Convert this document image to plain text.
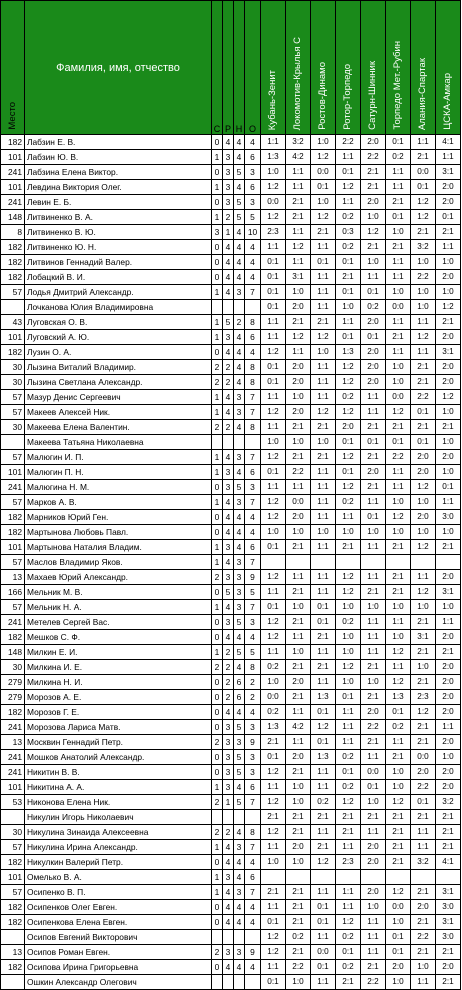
Место	Фамилия, имя, отчество	С	Р	Н	О	Кубань-Зенит	Локомотив-Крылья С	Ростов-Динамо	Ротор-Торпедо	Сатурн-Шинник	Торпедо Мет.-Рубин	Алания-Спартак	ЦСКА-Амкар
182	Лабзин Е. В.	0	4	4	4	1:1	3:2	1:0	2:2	2:0	0:1	1:1	4:1
101	Лабзин Ю. В.	1	3	4	6	1:3	4:2	1:2	1:1	2:2	0:2	2:1	1:1
241	Лабзина Елена Виктор.	0	3	5	3	1:0	1:1	0:0	0:1	2:1	1:1	0:0	3:1
101	Левдина Виктория Олег.	1	3	4	6	1:2	1:1	0:1	1:2	2:1	1:1	0:1	2:0
241	Левин Е. Б.	0	3	5	3	0:0	2:1	1:0	1:1	2:0	2:1	1:2	2:0
148	Литвиненко В. А.	1	2	5	5	1:2	2:1	1:2	0:2	1:0	0:1	1:2	0:1
8	Литвиненко В. Ю.	3	1	4	10	2:3	1:1	2:1	0:3	1:2	1:0	2:1	2:1
182	Литвиненко Ю. Н.	0	4	4	4	1:1	1:2	1:1	0:2	2:1	2:1	3:2	1:1
182	Литвинов Геннадий Валер.	0	4	4	4	0:1	1:1	0:1	0:1	1:0	1:1	1:0	1:0
182	Лобацкий В. И.	0	4	4	4	0:1	3:1	1:1	2:1	1:1	1:1	2:2	2:0
57	Лодья Дмитрий Александр.	1	4	3	7	0:1	1:0	1:1	0:1	0:1	1:0	1:0	1:0
	Лочканова Юлия Владимировна					0:1	2:0	1:1	1:0	0:2	0:0	1:0	1:2
43	Луговская О. В.	1	5	2	8	1:1	2:1	2:1	1:1	2:0	1:1	1:1	2:1
101	Луговский А. Ю.	1	3	4	6	1:1	1:2	1:2	0:1	0:1	2:1	1:2	2:0
182	Лузин О. А.	0	4	4	4	1:2	1:1	1:0	1:3	2:0	1:1	1:1	3:1
30	Лызина Виталий Владимир.	2	2	4	8	0:1	2:0	1:1	1:2	2:0	1:0	2:1	2:0
30	Лызина Светлана Александр.	2	2	4	8	0:1	2:0	1:1	1:2	2:0	1:0	2:1	2:0
57	Мазур Денис Сергеевич	1	4	3	7	1:1	1:0	1:1	0:2	1:1	0:0	2:2	1:2
57	Макеев Алексей Ник.	1	4	3	7	1:2	2:0	1:2	1:2	1:1	1:2	0:1	1:0
30	Макеева Елена Валентин.	2	2	4	8	1:1	2:1	2:1	2:0	2:1	2:1	2:1	2:1
	Макеева Татьяна Николаевна					1:0	1:0	1:0	0:1	0:1	0:1	0:1	1:0
57	Малюгин И. П.	1	4	3	7	1:2	2:1	2:1	1:2	2:1	2:2	2:0	2:0
101	Малюгин П. Н.	1	3	4	6	0:1	2:2	1:1	0:1	2:0	1:1	2:0	1:0
241	Малюгина Н. М.	0	3	5	3	1:1	1:1	1:1	1:2	2:1	1:1	1:2	0:1
57	Марков А. В.	1	4	3	7	1:2	0:0	1:1	0:2	1:1	1:0	1:0	1:1
182	Марников Юрий Ген.	0	4	4	4	1:2	2:0	1:1	1:1	0:1	1:2	2:0	3:0
182	Мартынова Любовь Павл.	0	4	4	4	1:0	1:0	1:0	1:0	1:0	1:0	1:0	1:0
101	Мартынова Наталия Владим.	1	3	4	6	0:1	2:1	1:1	2:1	1:1	2:1	1:2	2:1
57	Маслов Владимир Яков.	1	4	3	7								
13	Махаев Юрий Александр.	2	3	3	9	1:2	1:1	1:1	1:2	1:1	2:1	1:1	2:0
166	Мельник М. В.	0	5	3	5	1:1	2:1	1:1	1:2	2:1	2:1	1:2	3:1
57	Мельник Н. А.	1	4	3	7	0:1	1:0	0:1	1:0	1:0	1:0	1:0	1:0
241	Метелев Сергей Вас.	0	3	5	3	1:2	2:1	0:1	0:2	1:1	1:1	2:1	1:1
182	Мешков С. Ф.	0	4	4	4	1:2	1:1	2:1	1:0	1:1	1:0	3:1	2:0
148	Милкин Е. И.	1	2	5	5	1:1	1:0	1:1	1:0	1:1	1:2	2:1	2:1
30	Милкина И. Е.	2	2	4	8	0:2	2:1	2:1	1:2	2:1	1:1	1:0	2:0
279	Милкина Н. И.	0	2	6	2	1:0	2:0	1:1	1:0	1:0	1:2	2:1	2:0
279	Морозов А. Е.	0	2	6	2	0:0	2:1	1:3	0:1	2:1	1:3	2:3	2:0
182	Морозов Г. Е.	0	4	4	4	0:2	1:1	0:1	1:1	2:0	0:1	1:2	2:0
241	Морозова Лариса Матв.	0	3	5	3	1:3	4:2	1:2	1:1	2:2	0:2	2:1	1:1
13	Москвин Геннадий Петр.	2	3	3	9	2:1	1:1	0:1	1:1	2:1	1:1	2:1	2:0
241	Мошков Анатолий Александр.	0	3	5	3	0:1	2:0	1:3	0:2	1:1	2:1	0:0	1:0
241	Никитин В. В.	0	3	5	3	1:2	2:1	1:1	0:1	0:0	1:0	2:0	2:0
101	Никитина А. А.	1	3	4	6	1:1	1:0	1:1	0:2	0:1	1:0	2:2	2:0
53	Никонова Елена Ник.	2	1	5	7	1:2	1:0	0:2	1:2	1:0	1:2	0:1	3:2
	Никулин Игорь Николаевич					2:1	2:1	2:1	2:1	2:1	2:1	2:1	2:1
30	Никулина Зинаида Алексеевна	2	2	4	8	1:2	2:1	1:1	2:1	1:1	2:1	1:1	2:1
57	Никулина Ирина Александр.	1	4	3	7	1:1	2:0	2:1	1:1	2:0	2:1	1:1	2:1
182	Никулкин Валерий Петр.	0	4	4	4	1:0	1:0	1:2	2:3	2:0	2:1	3:2	4:1
101	Омелько В. А.	1	3	4	6								
57	Осипенко В. П.	1	4	3	7	2:1	2:1	1:1	1:1	2:0	1:2	2:1	3:1
182	Осипенков Олег Евген.	0	4	4	4	1:1	2:1	0:1	1:1	1:0	0:0	2:0	3:0
182	Осипенкова Елена Евген.	0	4	4	4	0:1	2:1	0:1	1:2	1:1	1:0	2:1	3:1
	Осипов Евгений Викторович					1:2	0:2	1:1	0:2	1:1	0:1	2:2	3:0
13	Осипов Роман Евген.	2	3	3	9	1:2	2:1	0:0	0:1	1:1	0:1	2:1	2:1
182	Осипова Ирина Григорьевна	0	4	4	4	1:1	2:2	0:1	0:2	2:1	2:0	1:0	2:0
	Ошкин Александр Олегович					0:1	1:0	1:1	2:1	2:2	1:0	1:1	2:1
